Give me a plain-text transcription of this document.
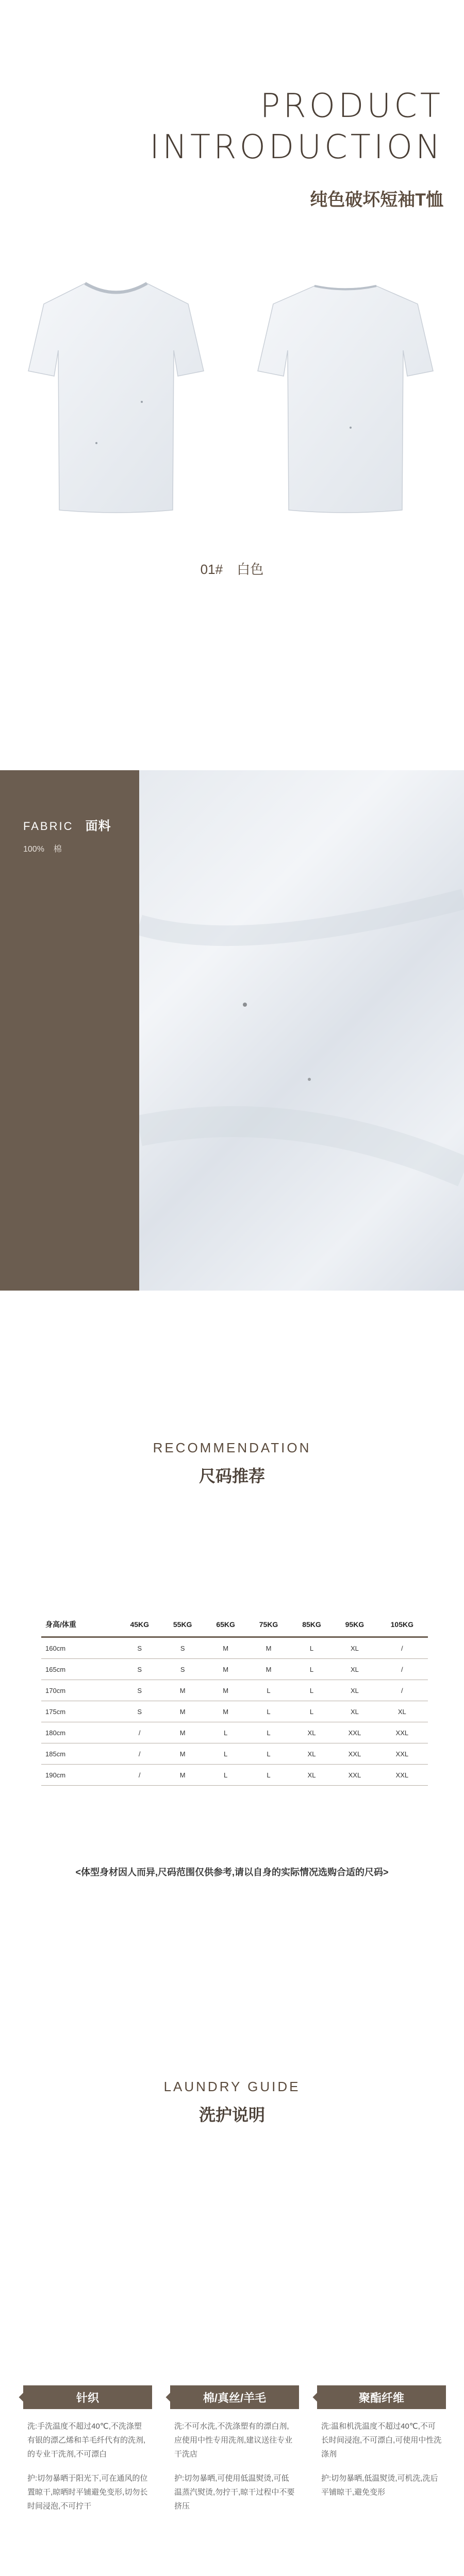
PRODUCT
INTRODUCTION
纯色破坏短袖T恤
01# 白色
FABRIC 面料
100% 棉
RECOMMENDATION
尺码推荐
身高/体重	45KG	55KG	65KG	75KG	85KG	95KG	105KG
160cm	S	S	M	M	L	XL	/
165cm	S	S	M	M	L	XL	/
170cm	S	M	M	L	L	XL	/
175cm	S	M	M	L	L	XL	XL
180cm	/	M	L	L	XL	XXL	XXL
185cm	/	M	L	L	XL	XXL	XXL
190cm	/	M	L	L	XL	XXL	XXL
<体型身材因人而异,尺码范围仅供参考,请以自身的实际情况选购合适的尺码>
LAUNDRY GUIDE
洗护说明
针织

洗:手洗温度不超过40℃,不洗涤塑有银的漂乙烯和羊毛纤代有的洗剂,的专业干洗剂,不可漂白

护:切勿暴晒于阳光下,可在通风的位置晾干,晾晒时平铺避免变形,切勿长时间浸泡,不可拧干

棉/真丝/羊毛

洗:不可水洗,不洗涤塑有的漂白剂,应使用中性专用洗剂,建议送往专业干洗店

护:切勿暴晒,可使用低温熨烫,可低温蒸汽熨烫,勿拧干,晾干过程中不要挤压

聚酯纤维

洗:温和机洗温度不超过40℃,不可长时间浸泡,不可漂白,可使用中性洗涤剂

护:切勿暴晒,低温熨烫,可机洗,洗后平铺晾干,避免变形
